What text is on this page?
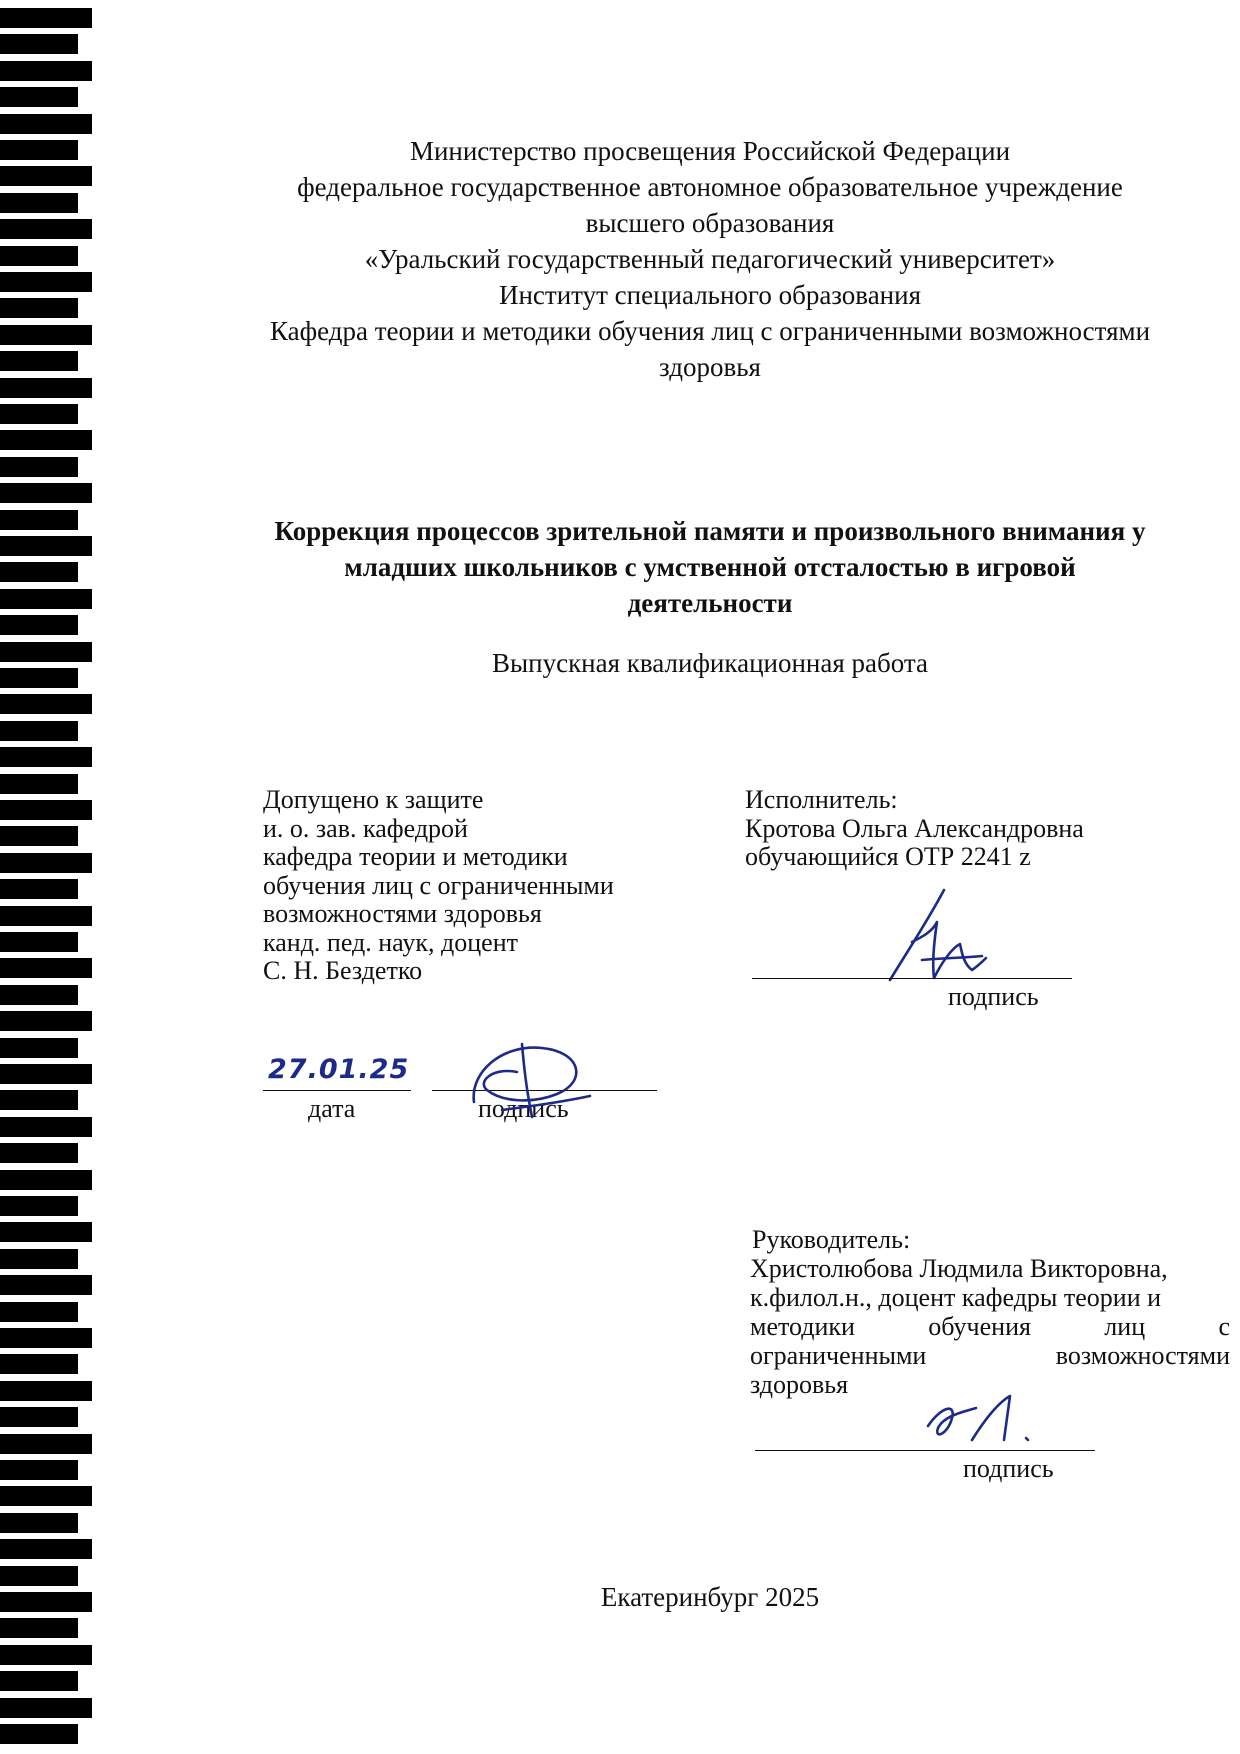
Министерство просвещения Российской Федерации
федеральное государственное автономное образовательное учреждение
высшего образования
«Уральский государственный педагогический университет»
Институт специального образования
Кафедра теории и методики обучения лиц с ограниченными возможностями
здоровья
Коррекция процессов зрительной памяти и произвольного внимания у
младших школьников с умственной отсталостью в игровой
деятельности
Выпускная квалификационная работа
Допущено к защите
и. о. зав. кафедрой
кафедра теории и методики
обучения лиц с ограниченными
возможностями здоровья
канд. пед. наук, доцент
С. Н. Бездетко
27.01.25
дата	подпись
Исполнитель:
Кротова Ольга Александровна
обучающийся ОТР 2241 z
подпись
Руководитель:
Христолюбова Людмила Викторовна,
к.филол.н., доцент кафедры теории и
методики обучения лиц с
ограниченными возможностями
здоровья
подпись
Екатеринбург 2025
